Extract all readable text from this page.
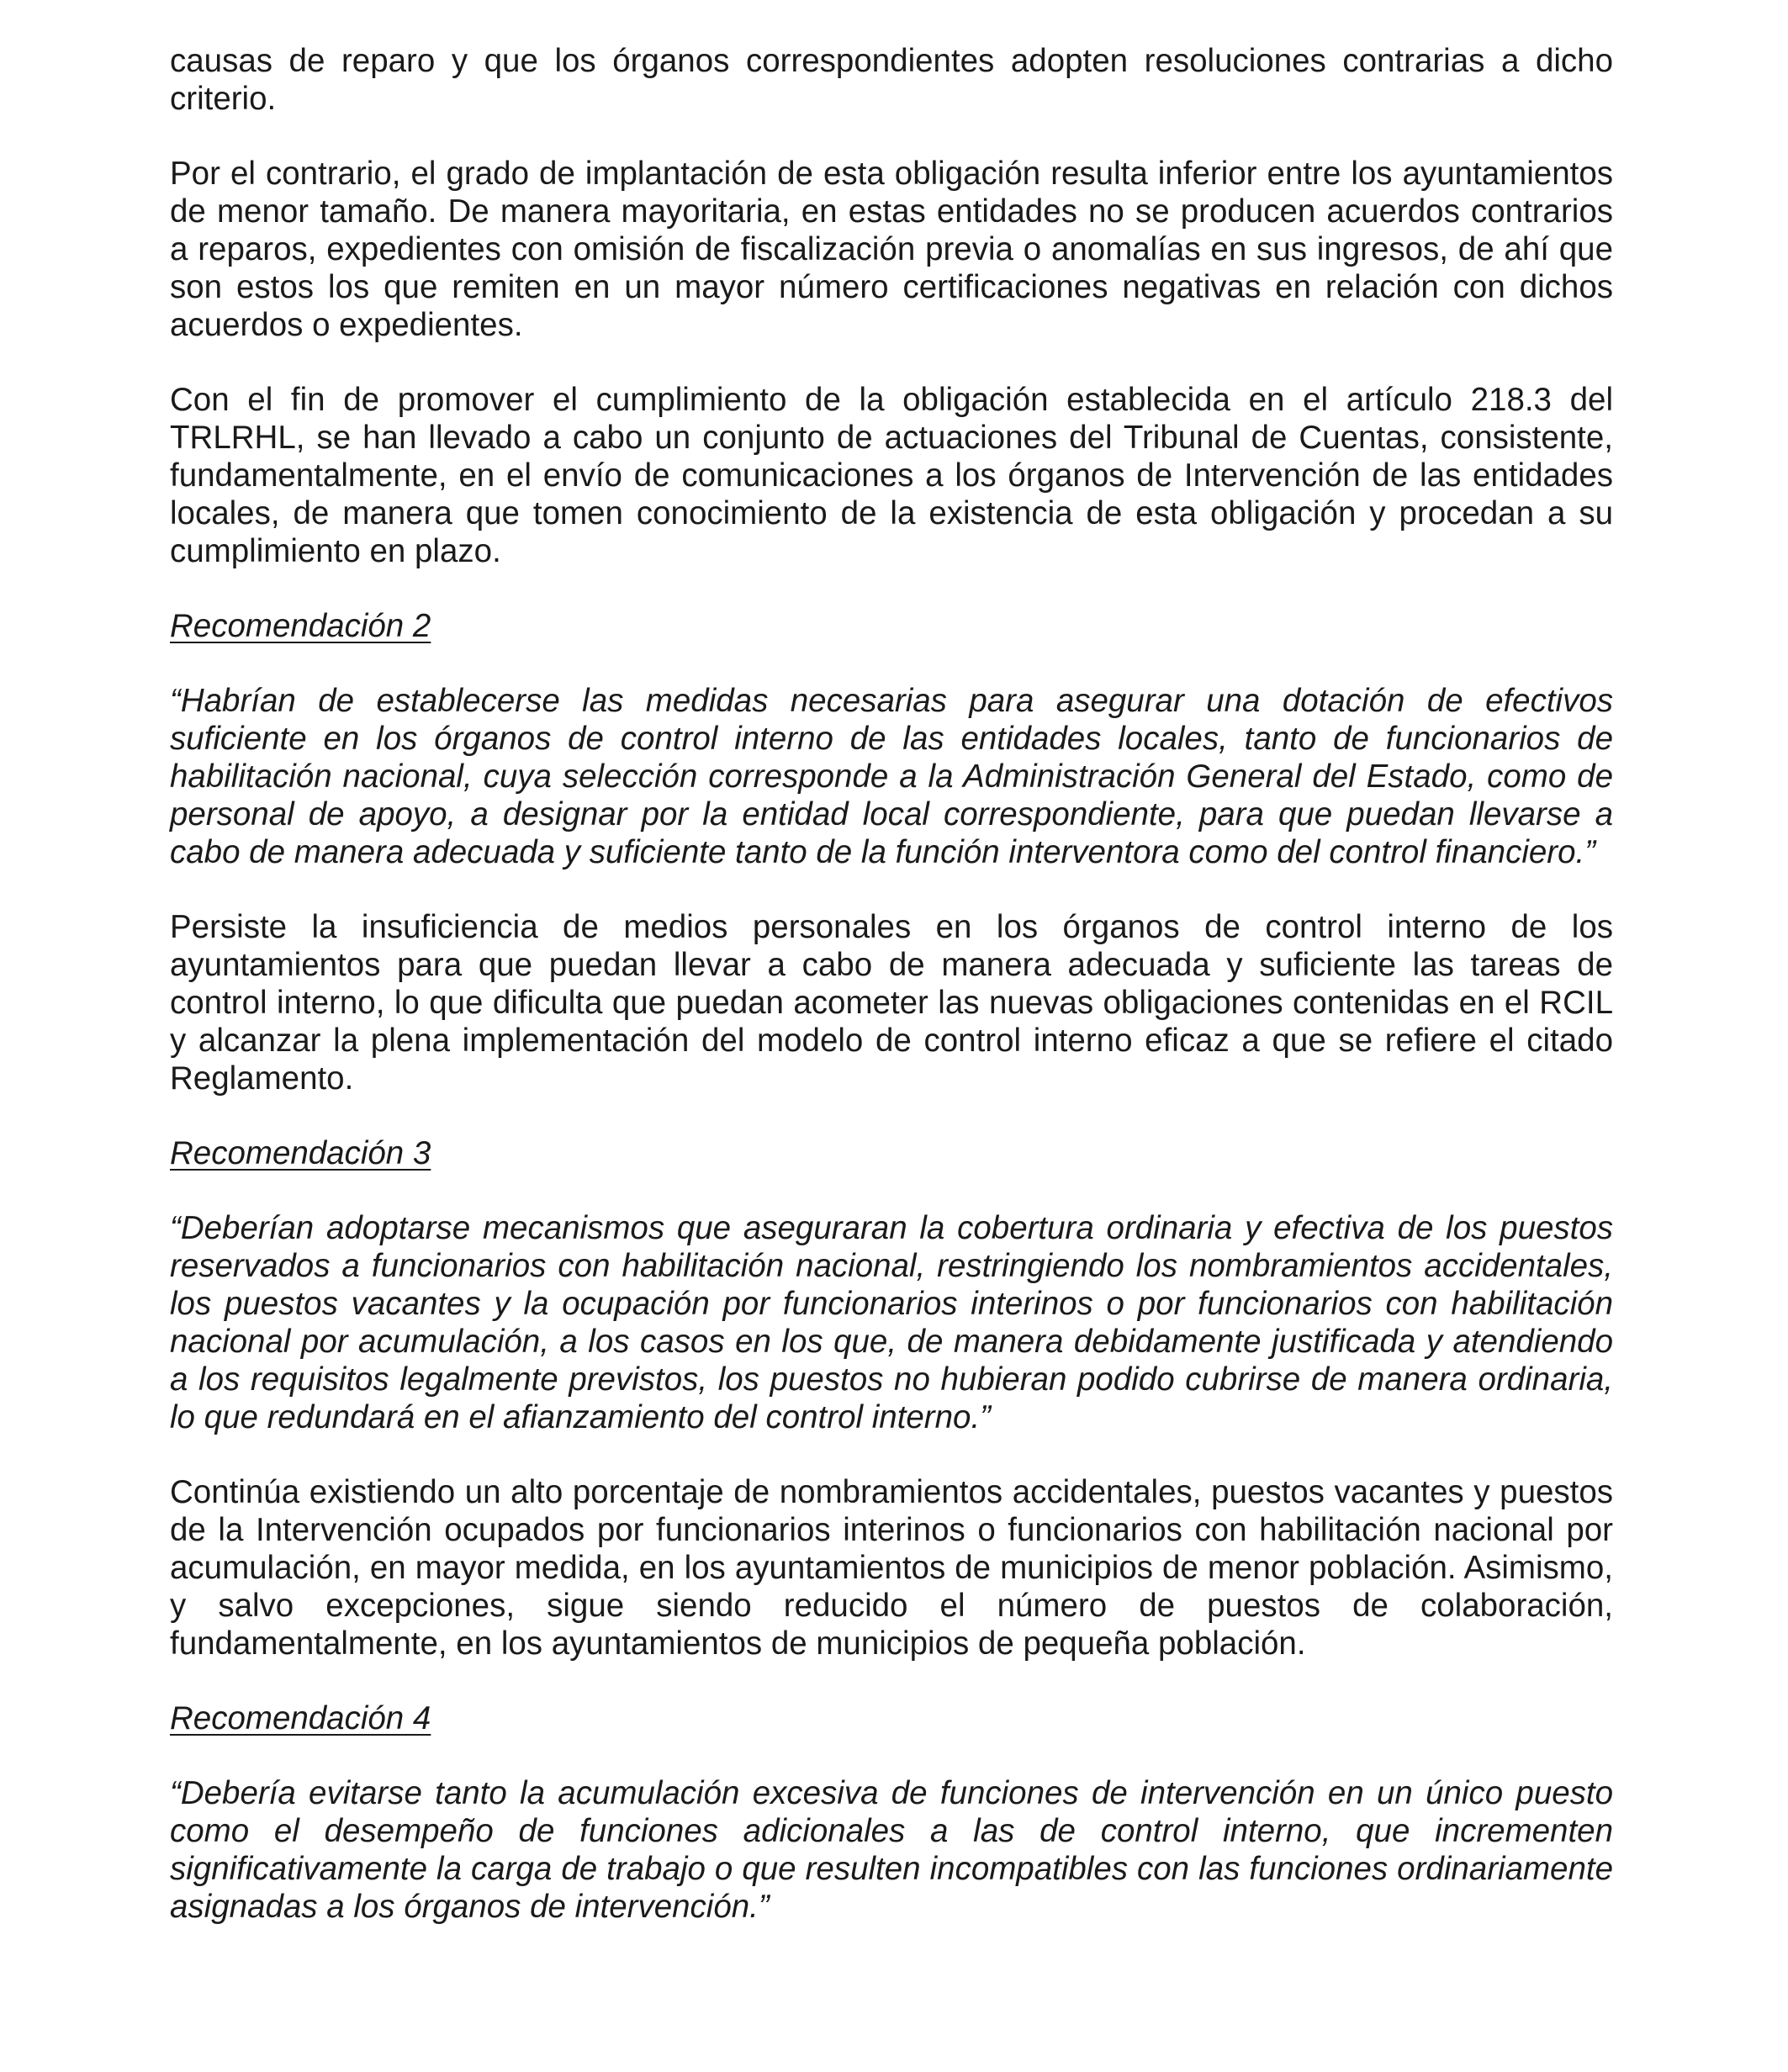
causas de reparo y que los órganos correspondientes adopten resoluciones contrarias a dicho criterio.

Por el contrario, el grado de implantación de esta obligación resulta inferior entre los ayuntamientos de menor tamaño. De manera mayoritaria, en estas entidades no se producen acuerdos contrarios a reparos, expedientes con omisión de fiscalización previa o anomalías en sus ingresos, de ahí que son estos los que remiten en un mayor número certificaciones negativas en relación con dichos acuerdos o expedientes.

Con el fin de promover el cumplimiento de la obligación establecida en el artículo 218.3 del TRLRHL, se han llevado a cabo un conjunto de actuaciones del Tribunal de Cuentas, consistente, fundamentalmente, en el envío de comunicaciones a los órganos de Intervención de las entidades locales, de manera que tomen conocimiento de la existencia de esta obligación y procedan a su cumplimiento en plazo.

Recomendación 2

“Habrían de establecerse las medidas necesarias para asegurar una dotación de efectivos suficiente en los órganos de control interno de las entidades locales, tanto de funcionarios de habilitación nacional, cuya selección corresponde a la Administración General del Estado, como de personal de apoyo, a designar por la entidad local correspondiente, para que puedan llevarse a cabo de manera adecuada y suficiente tanto de la función interventora como del control financiero.”

Persiste la insuficiencia de medios personales en los órganos de control interno de los ayuntamientos para que puedan llevar a cabo de manera adecuada y suficiente las tareas de control interno, lo que dificulta que puedan acometer las nuevas obligaciones contenidas en el RCIL y alcanzar la plena implementación del modelo de control interno eficaz a que se refiere el citado Reglamento.

Recomendación 3

“Deberían adoptarse mecanismos que aseguraran la cobertura ordinaria y efectiva de los puestos reservados a funcionarios con habilitación nacional, restringiendo los nombramientos accidentales, los puestos vacantes y la ocupación por funcionarios interinos o por funcionarios con habilitación nacional por acumulación, a los casos en los que, de manera debidamente justificada y atendiendo a los requisitos legalmente previstos, los puestos no hubieran podido cubrirse de manera ordinaria, lo que redundará en el afianzamiento del control interno.”

Continúa existiendo un alto porcentaje de nombramientos accidentales, puestos vacantes y puestos de la Intervención ocupados por funcionarios interinos o funcionarios con habilitación nacional por acumulación, en mayor medida, en los ayuntamientos de municipios de menor población. Asimismo, y salvo excepciones, sigue siendo reducido el número de puestos de colaboración, fundamentalmente, en los ayuntamientos de municipios de pequeña población.

Recomendación 4

“Debería evitarse tanto la acumulación excesiva de funciones de intervención en un único puesto como el desempeño de funciones adicionales a las de control interno, que incrementen significativamente la carga de trabajo o que resulten incompatibles con las funciones ordinariamente asignadas a los órganos de intervención.”
